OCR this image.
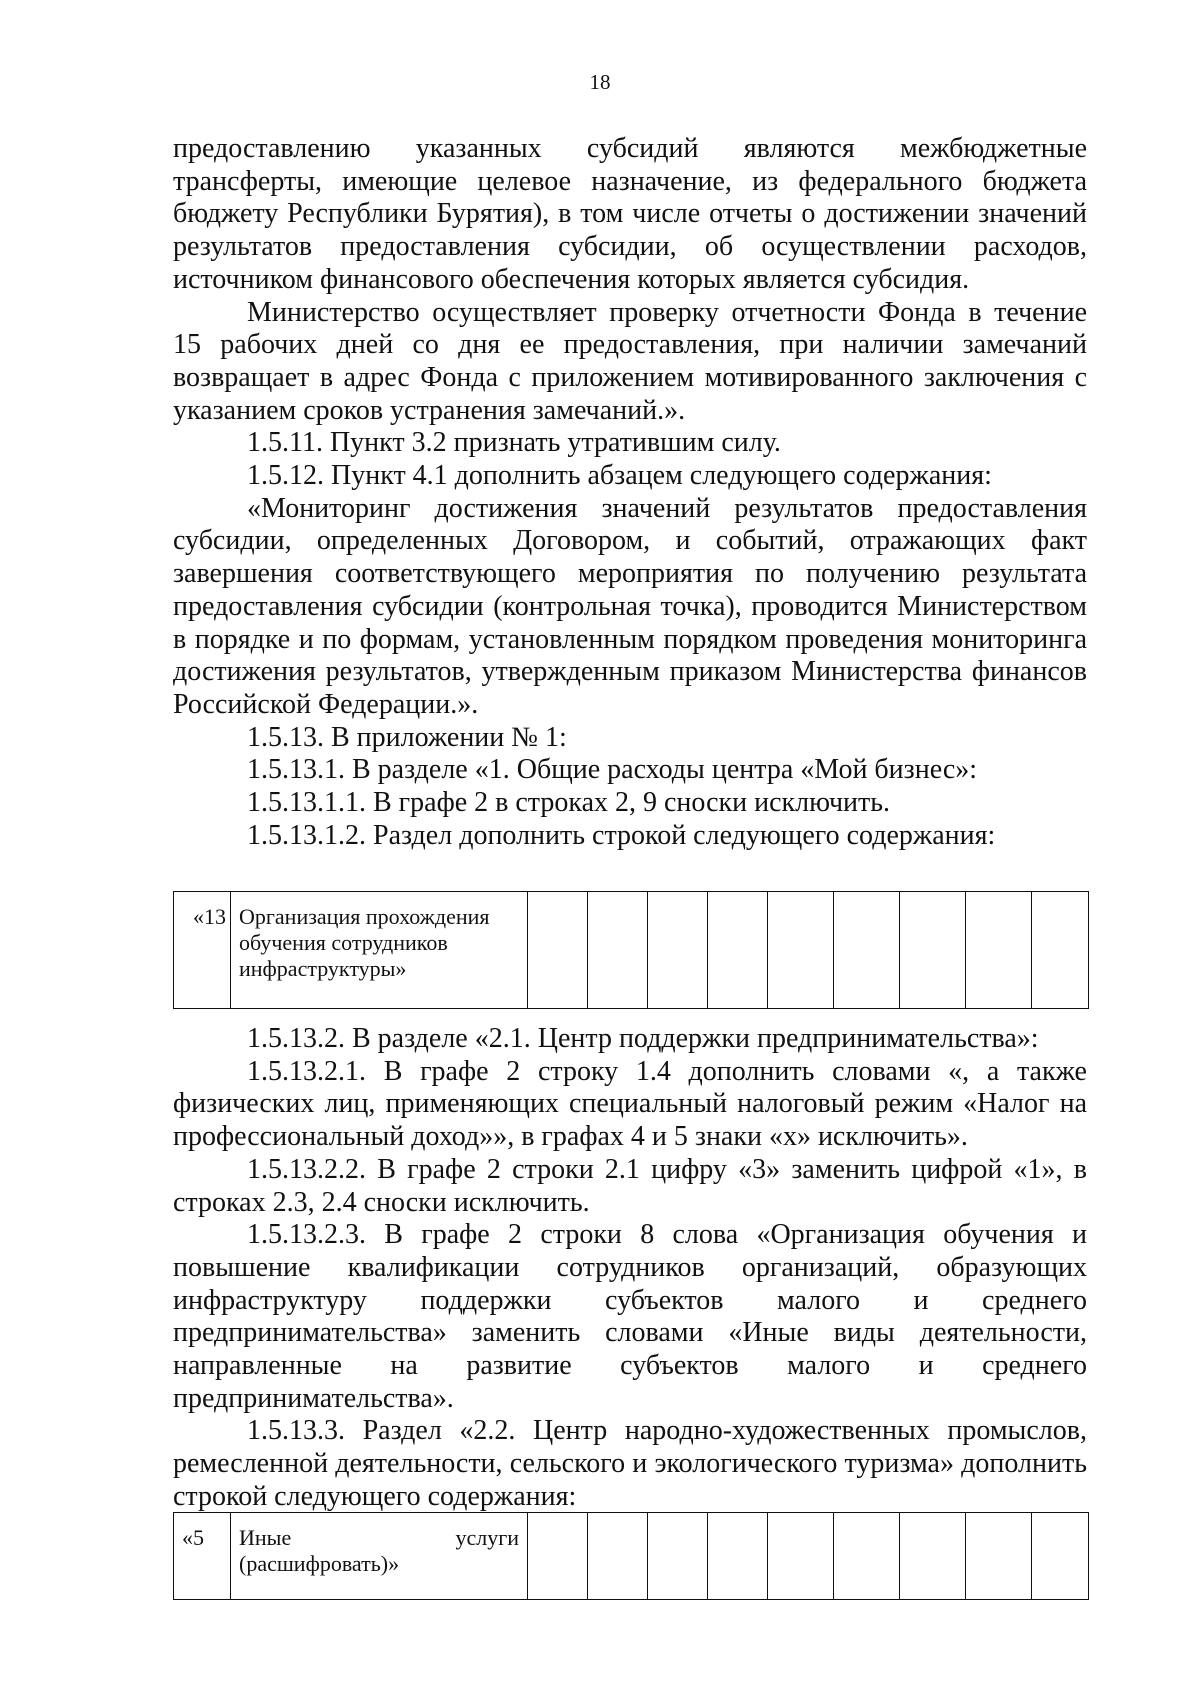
18

предоставлению указанных субсидий являются межбюджетные трансферты, имеющие целевое назначение, из федерального бюджета бюджету Республики Бурятия), в том числе отчеты о достижении значений результатов предоставления субсидии, об осуществлении расходов, источником финансового обеспечения которых является субсидия.

Министерство осуществляет проверку отчетности Фонда в течение 15 рабочих дней со дня ее предоставления, при наличии замечаний возвращает в адрес Фонда с приложением мотивированного заключения с указанием сроков устранения замечаний.».

1.5.11. Пункт 3.2 признать утратившим силу.

1.5.12. Пункт 4.1 дополнить абзацем следующего содержания:

«Мониторинг достижения значений результатов предоставления субсидии, определенных Договором, и событий, отражающих факт завершения соответствующего мероприятия по получению результата предоставления субсидии (контрольная точка), проводится Министерством в порядке и по формам, установленным порядком проведения мониторинга достижения результатов, утвержденным приказом Министерства финансов Российской Федерации.».

1.5.13. В приложении № 1:

1.5.13.1. В разделе «1. Общие расходы центра «Мой бизнес»:

1.5.13.1.1. В графе 2 в строках 2, 9 сноски исключить.

1.5.13.1.2. Раздел дополнить строкой следующего содержания:

«13	Организация прохождения обучения сотрудников инфраструктуры»									

1.5.13.2. В разделе «2.1. Центр поддержки предпринимательства»:

1.5.13.2.1. В графе 2 строку 1.4 дополнить словами «, а также физических лиц, применяющих специальный налоговый режим «Налог на профессиональный доход»», в графах 4 и 5 знаки «х» исключить».

1.5.13.2.2. В графе 2 строки 2.1 цифру «3» заменить цифрой «1», в строках 2.3, 2.4 сноски исключить.

1.5.13.2.3. В графе 2 строки 8 слова «Организация обучения и повышение квалификации сотрудников организаций, образующих инфраструктуру поддержки субъектов малого и среднего предпринимательства» заменить словами «Иные виды деятельности, направленные на развитие субъектов малого и среднего предпринимательства».

1.5.13.3. Раздел «2.2. Центр народно-художественных промыслов, ремесленной деятельности, сельского и экологического туризма» дополнить строкой следующего содержания:

«5	Иные услуги (расшифровать)»									
